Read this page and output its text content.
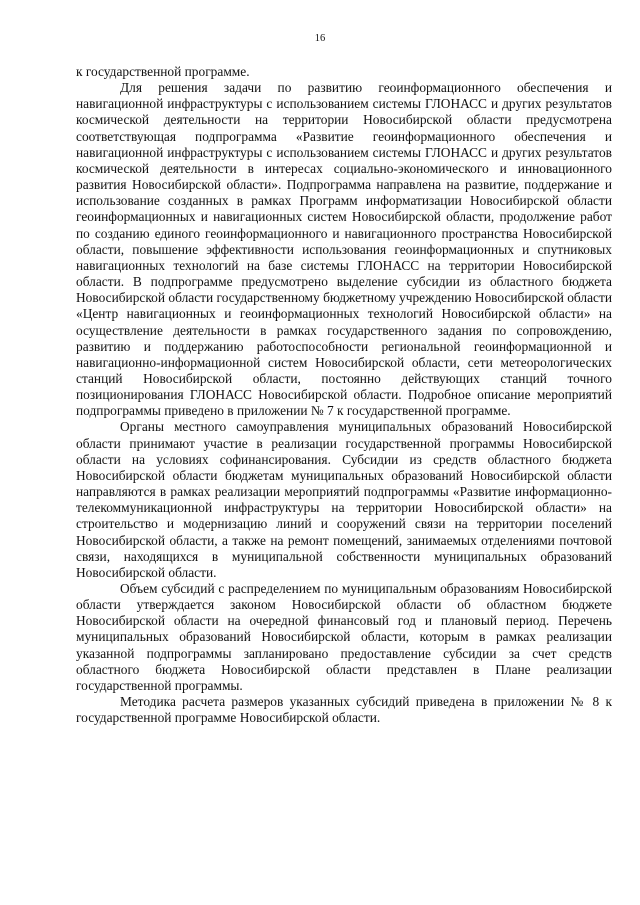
16

к государственной программе.

Для решения задачи по развитию геоинформационного обеспечения и навигационной инфраструктуры с использованием системы ГЛОНАСС и других результатов космической деятельности на территории Новосибирской области предусмотрена соответствующая подпрограмма «Развитие геоинформационного обеспечения и навигационной инфраструктуры с использованием системы ГЛОНАСС и других результатов космической деятельности в интересах социально-экономического и инновационного развития Новосибирской области». Подпрограмма направлена на развитие, поддержание и использование созданных в рамках Программ информатизации Новосибирской области геоинформационных и навигационных систем Новосибирской области, продолжение работ по созданию единого геоинформационного и навигационного пространства Новосибирской области, повышение эффективности использования геоинформационных и спутниковых навигационных технологий на базе системы ГЛОНАСС на территории Новосибирской области. В подпрограмме предусмотрено выделение субсидии из областного бюджета Новосибирской области государственному бюджетному учреждению Новосибирской области «Центр навигационных и геоинформационных технологий Новосибирской области» на осуществление деятельности в рамках государственного задания по сопровождению, развитию и поддержанию работоспособности региональной геоинформационной и навигационно-информационной систем Новосибирской области, сети метеорологических станций Новосибирской области, постоянно действующих станций точного позиционирования ГЛОНАСС Новосибирской области. Подробное описание мероприятий подпрограммы приведено в приложении № 7 к государственной программе.

Органы местного самоуправления муниципальных образований Новосибирской области принимают участие в реализации государственной программы Новосибирской области на условиях софинансирования. Субсидии из средств областного бюджета Новосибирской области бюджетам муниципальных образований Новосибирской области направляются в рамках реализации мероприятий подпрограммы «Развитие информационно-телекоммуникационной инфраструктуры на территории Новосибирской области» на строительство и модернизацию линий и сооружений связи на территории поселений Новосибирской области, а также на ремонт помещений, занимаемых отделениями почтовой связи, находящихся в муниципальной собственности муниципальных образований Новосибирской области.

Объем субсидий с распределением по муниципальным образованиям Новосибирской области утверждается законом Новосибирской области об областном бюджете Новосибирской области на очередной финансовый год и плановый период. Перечень муниципальных образований Новосибирской области, которым в рамках реализации указанной подпрограммы запланировано предоставление субсидии за счет средств областного бюджета Новосибирской области представлен в Плане реализации государственной программы.

Методика расчета размеров указанных субсидий приведена в приложении № 8 к государственной программе Новосибирской области.
